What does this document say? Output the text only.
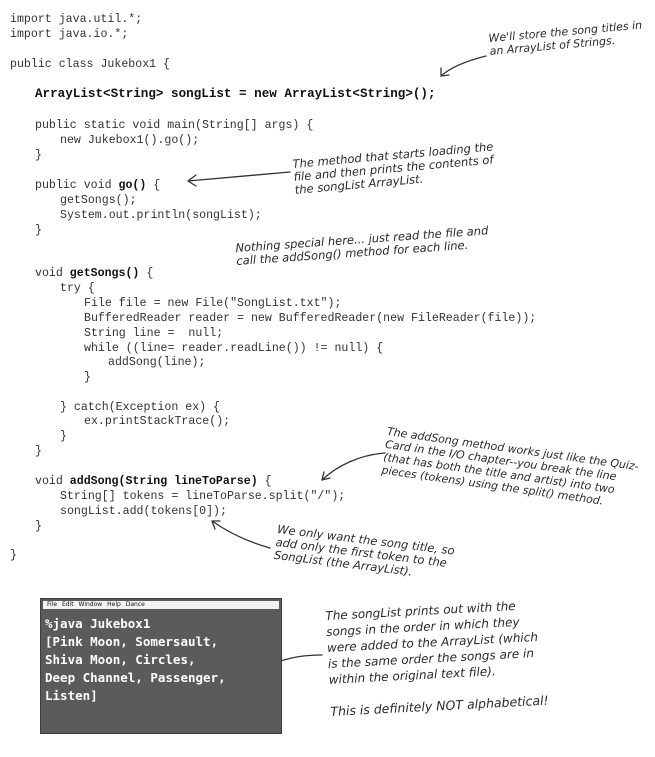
import java.util.*;
import java.io.*;
public class Jukebox1 {
ArrayList<String> songList = new ArrayList<String>();
public static void main(String[] args) {
new Jukebox1().go();
}
public void go() {
getSongs();
System.out.println(songList);
}
void getSongs() {
try {
File file = new File("SongList.txt");
BufferedReader reader = new BufferedReader(new FileReader(file));
String line =  null;
while ((line= reader.readLine()) != null) {
addSong(line);
}
} catch(Exception ex) {
ex.printStackTrace();
}
}
void addSong(String lineToParse) {
String[] tokens = lineToParse.split("/");
songList.add(tokens[0]);
}
}
We'll store the song titles in
an ArrayList of Strings.
The method that starts loading the
file and then prints the contents of
the songList ArrayList.
Nothing special here... just read the file and
call the addSong() method for each line.
The addSong method works just like the Quiz-
Card in the I/O chapter--you break the line
(that has both the title and artist) into two
pieces (tokens) using the split() method.
We only want the song title, so
add only the first token to the
SongList (the ArrayList).
The songList prints out with the
songs in the order in which they
were added to the ArrayList (which
is the same order the songs are in
within the original text file).
This is definitely NOT alphabetical!
File Edit Window Help Dance
%java Jukebox1
[Pink Moon, Somersault,
Shiva Moon, Circles,
Deep Channel, Passenger,
Listen]
